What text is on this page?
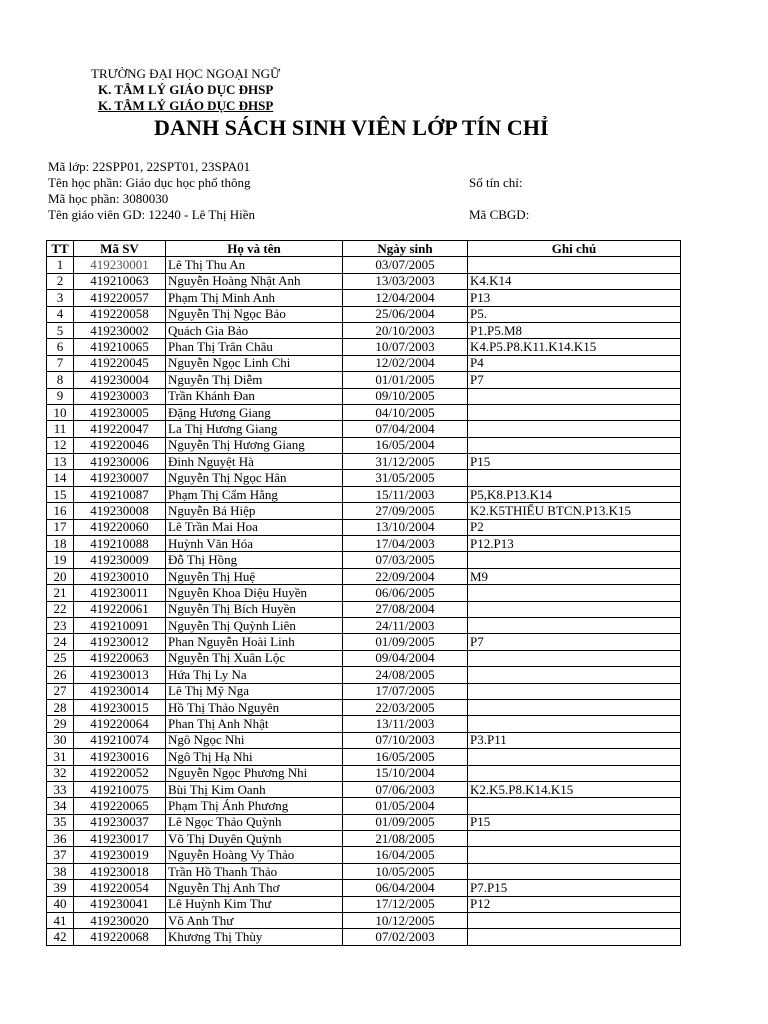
TRƯỜNG ĐẠI HỌC NGOẠI NGỮ
K. TÂM LÝ GIÁO DỤC ĐHSP
K. TÂM LÝ GIÁO DỤC ĐHSP
DANH SÁCH SINH VIÊN LỚP TÍN CHỈ
Mã lớp: 22SPP01, 22SPT01, 23SPA01
Tên học phần: Giáo dục học phổ thông
Mã học phần: 3080030
Tên giáo viên GD: 12240 - Lê Thị Hiền
Số tín chỉ:
Mã CBGD:
TT	Mã SV	Họ và tên	Ngày sinh	Ghi chú
1	419230001	Lê Thị Thu An	03/07/2005	
2	419210063	Nguyễn Hoàng Nhật Anh	13/03/2003	K4.K14
3	419220057	Phạm Thị Minh Anh	12/04/2004	P13
4	419220058	Nguyễn Thị Ngọc Bảo	25/06/2004	P5.
5	419230002	Quách Gia Bảo	20/10/2003	P1.P5.M8
6	419210065	Phan Thị Trân Châu	10/07/2003	K4.P5.P8.K11.K14.K15
7	419220045	Nguyễn Ngọc Linh Chi	12/02/2004	P4
8	419230004	Nguyễn Thị Diễm	01/01/2005	P7
9	419230003	Trần Khánh Đan	09/10/2005	
10	419230005	Đặng Hương Giang	04/10/2005	
11	419220047	La Thị Hương Giang	07/04/2004	
12	419220046	Nguyễn Thị Hương Giang	16/05/2004	
13	419230006	Đinh Nguyệt Hà	31/12/2005	P15
14	419230007	Nguyễn Thị Ngọc Hân	31/05/2005	
15	419210087	Phạm Thị Cẩm Hằng	15/11/2003	P5,K8.P13.K14
16	419230008	Nguyễn Bá Hiệp	27/09/2005	K2.K5THIẾU BTCN.P13.K15
17	419220060	Lê Trần Mai Hoa	13/10/2004	P2
18	419210088	Huỳnh Văn Hóa	17/04/2003	P12.P13
19	419230009	Đỗ Thị Hồng	07/03/2005	
20	419230010	Nguyễn Thị Huệ	22/09/2004	M9
21	419230011	Nguyễn Khoa Diệu Huyền	06/06/2005	
22	419220061	Nguyễn Thị Bích Huyền	27/08/2004	
23	419210091	Nguyễn Thị Quỳnh Liên	24/11/2003	
24	419230012	Phan Nguyễn Hoài Linh	01/09/2005	P7
25	419220063	Nguyễn Thị Xuân Lộc	09/04/2004	
26	419230013	Hứa Thị Ly Na	24/08/2005	
27	419230014	Lê Thị Mỹ Nga	17/07/2005	
28	419230015	Hồ Thị Thảo Nguyên	22/03/2005	
29	419220064	Phan Thị Anh Nhật	13/11/2003	
30	419210074	Ngô Ngọc Nhi	07/10/2003	P3.P11
31	419230016	Ngô Thị Hạ Nhi	16/05/2005	
32	419220052	Nguyễn Ngọc Phương Nhi	15/10/2004	
33	419210075	Bùi Thị Kim Oanh	07/06/2003	K2.K5.P8.K14.K15
34	419220065	Phạm Thị Ánh Phương	01/05/2004	
35	419230037	Lê Ngọc Thảo Quỳnh	01/09/2005	P15
36	419230017	Võ Thị Duyên Quỳnh	21/08/2005	
37	419230019	Nguyễn Hoàng Vy Thảo	16/04/2005	
38	419230018	Trần Hồ Thanh Thảo	10/05/2005	
39	419220054	Nguyễn Thị Anh Thơ	06/04/2004	P7.P15
40	419230041	Lê Huỳnh Kim Thư	17/12/2005	P12
41	419230020	Võ Anh Thư	10/12/2005	
42	419220068	Khương Thị Thùy	07/02/2003	
